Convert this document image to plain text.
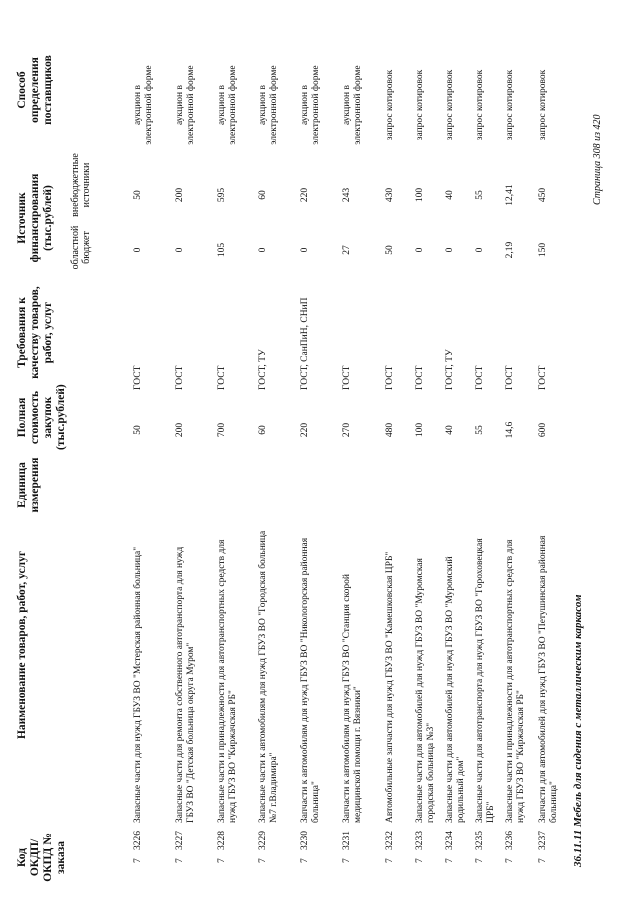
Код ОКДП/ ОКПД № заказа
Наименование товаров, работ, услуг
Единица измерения
Полная стоимость закупок (тыс.рублей)
Требования к качеству товаров, работ, услуг
Источник финансирования (тыс.рублей) областной бюджет
внебюджетные источники
Способ определения поставщиков
7
3226
Запасные части для нужд ГБУЗ ВО "Мстерская районная больница"
50
ГОСТ
0
50
аукцион в электронной форме
7
3227
Запасные части для ремонта собственного автотранспорта для нужд ГБУЗ ВО "Детская больница округа Муром"
200
ГОСТ
0
200
аукцион в электронной форме
7
3228
Запасные части и принадлежности для автотранспортных средств для нужд ГБУЗ ВО "Киржачская РБ"
700
ГОСТ
105
595
аукцион в электронной форме
7
3229
Запасные части к автомобилям для нужд ГБУЗ ВО "Городская больница №7 г.Владимира"
60
ГОСТ, ТУ
0
60
аукцион в электронной форме
7
3230
Запчасти к автомобилям для нужд ГБУЗ ВО "Никологорская районная больница"
220
ГОСТ, СанПиН, СНиП
0
220
аукцион в электронной форме
7
3231
Запчасти к автомобилям для нужд ГБУЗ ВО "Станция скорой медицинской помощи г. Вязники"
270
ГОСТ
27
243
аукцион в электронной форме
7
3232
Автомобильные запчасти для нужд ГБУЗ ВО "Камешковская ЦРБ"
480
ГОСТ
50
430
запрос котировок
7
3233
Запасные части для автомобилей для нужд ГБУЗ ВО "Муромская городская больница №3"
100
ГОСТ
0
100
запрос котировок
7
3234
Запасные части для автомобилей для нужд ГБУЗ ВО "Муромский родильный дом"
40
ГОСТ, ТУ
0
40
запрос котировок
7
3235
Запасные части для автотранспорта для нужд ГБУЗ ВО "Гороховецкая ЦРБ"
55
ГОСТ
0
55
запрос котировок
7
3236
Запасные части и принадлежности для автотранспортных средств для нужд ГБУЗ ВО "Киржачская РБ"
14,6
ГОСТ
2,19
12,41
запрос котировок
7
3237
Запчасти для автомобилей для нужд ГБУЗ ВО "Петушинская районная больница"
600
ГОСТ
150
450
запрос котировок
36.11.11 Мебель для сидения с металлическим каркасом
Страница 308 из 420
